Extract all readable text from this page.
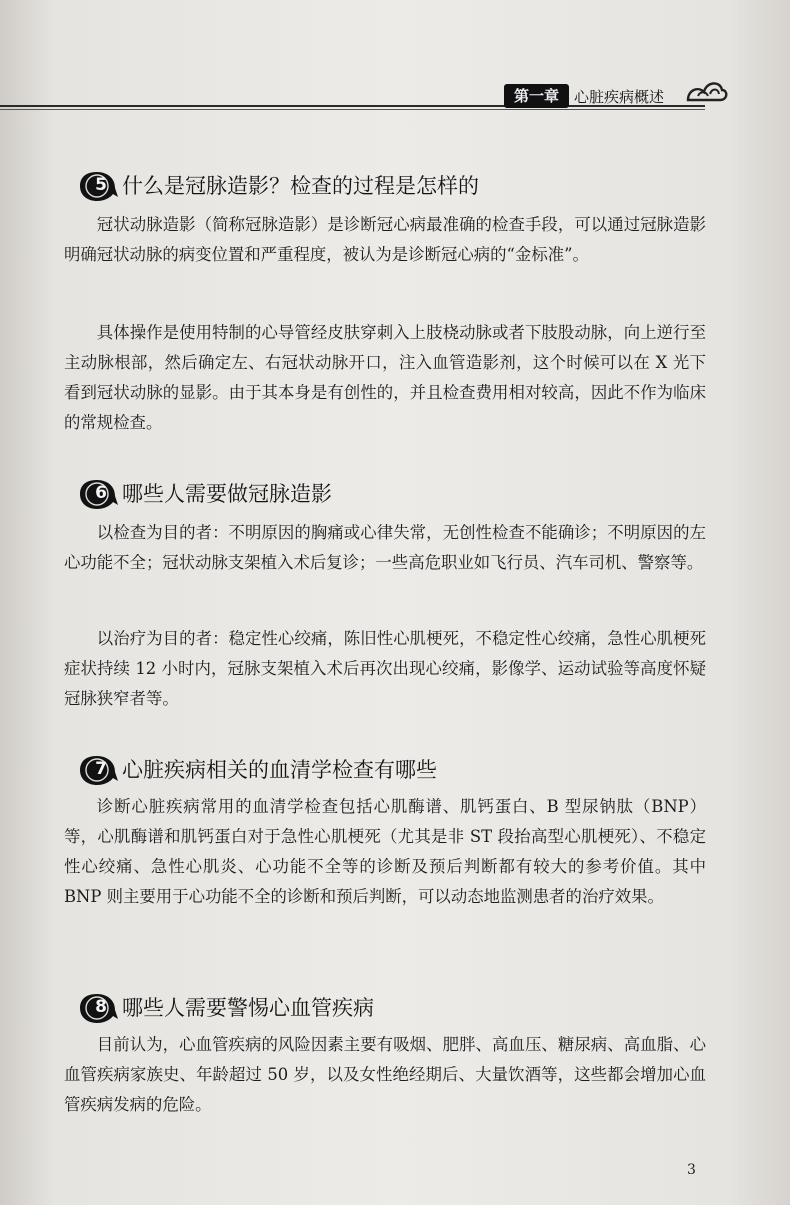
第一章 心脏疾病概述
5 什么是冠脉造影？检查的过程是怎样的

冠状动脉造影（简称冠脉造影）是诊断冠心病最准确的检查手段，可以通过冠脉造影明确冠状动脉的病变位置和严重程度，被认为是诊断冠心病的“金标准”。

具体操作是使用特制的心导管经皮肤穿刺入上肢桡动脉或者下肢股动脉，向上逆行至主动脉根部，然后确定左、右冠状动脉开口，注入血管造影剂，这个时候可以在 X 光下看到冠状动脉的显影。由于其本身是有创性的，并且检查费用相对较高，因此不作为临床的常规检查。

6 哪些人需要做冠脉造影

以检查为目的者：不明原因的胸痛或心律失常，无创性检查不能确诊；不明原因的左心功能不全；冠状动脉支架植入术后复诊；一些高危职业如飞行员、汽车司机、警察等。

以治疗为目的者：稳定性心绞痛，陈旧性心肌梗死，不稳定性心绞痛，急性心肌梗死症状持续 12 小时内，冠脉支架植入术后再次出现心绞痛，影像学、运动试验等高度怀疑冠脉狭窄者等。

7 心脏疾病相关的血清学检查有哪些

诊断心脏疾病常用的血清学检查包括心肌酶谱、肌钙蛋白、B 型尿钠肽（BNP）等，心肌酶谱和肌钙蛋白对于急性心肌梗死（尤其是非 ST 段抬高型心肌梗死）、不稳定性心绞痛、急性心肌炎、心功能不全等的诊断及预后判断都有较大的参考价值。其中 BNP 则主要用于心功能不全的诊断和预后判断，可以动态地监测患者的治疗效果。

8 哪些人需要警惕心血管疾病

目前认为，心血管疾病的风险因素主要有吸烟、肥胖、高血压、糖尿病、高血脂、心血管疾病家族史、年龄超过 50 岁，以及女性绝经期后、大量饮酒等，这些都会增加心血管疾病发病的危险。

3
